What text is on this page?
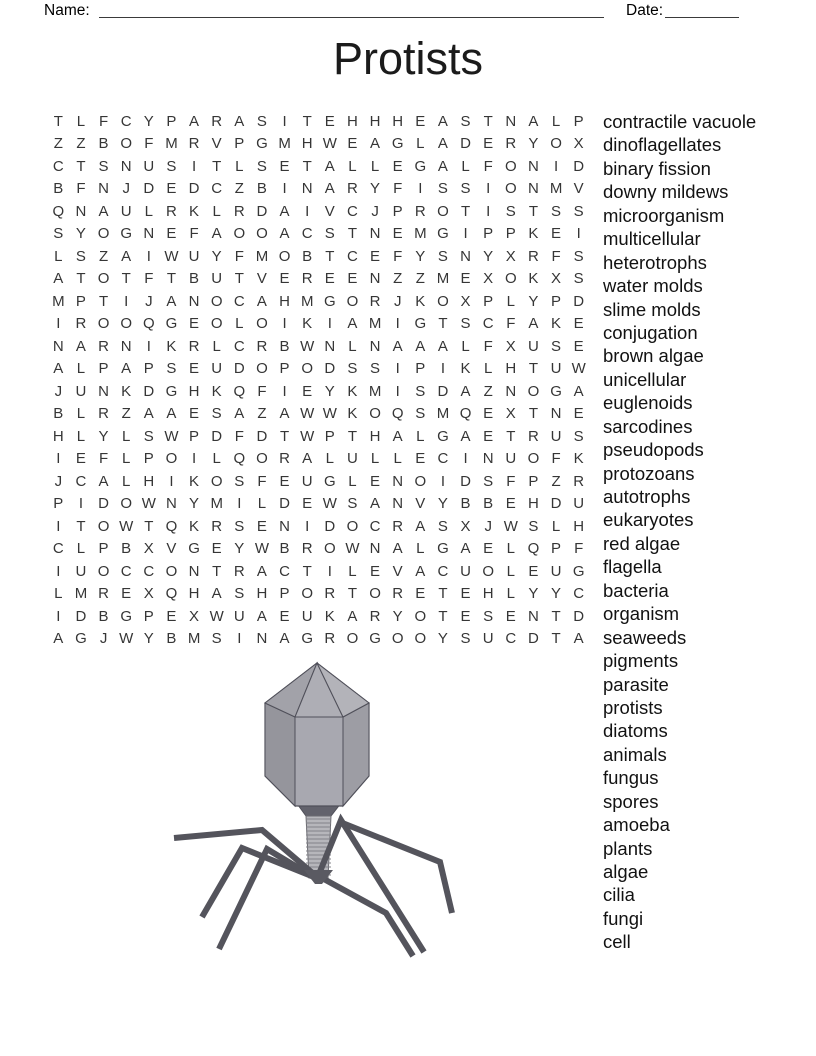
Name:	Date:
Protists
T L F C Y P A R A S	I	T E H H H E A S T N A L P
Z Z B O F M R V P G M H W E A G L A D E R Y O X
C T S N U S	I	T L S E T A L L E G A L F O N	I	D
B F N J D E D C Z B	I	N A R Y F	I	S S	I O N M V
Q N A U L R K L R D A	I	V C J P R O T	I	S T S S
S Y O G N E F A O O A C S T N E M G I	P P K E	I
L S Z A	I W U Y F M O B T C E F Y S N Y X R F S
A T O T F T B U T V E R E E N Z Z M E X O K X S
M P T	I	J A N O C A H M G O R J K O X P L Y P D
I	R O O Q G E O L O I	K	I	A M I G T S C F A K E
N A R N	I	K R L C R B W N L N A A A L F X U S E
A L P A P S E U D O P O D S S	I	P	I	K L H T U W
J U N K D G H K Q F	I	E Y K M I	S D A Z N O G A
B L R Z A A E S A Z A W W K O Q S M Q E X T N E
H L Y L S W P D F D T W P T H A L G A E T R U S
I	E F L P O I	L Q O R A L U L L E C	I	N U O F K
J C A L H	I	K O S F E U G L E N O I	D S F P Z R
P	I	D O W N Y M I	L D E W S A N V Y B B E H D U
I	T O W T Q K R S E N	I	D O C R A S X J W S L H
C L P B X V G E Y W B R O W N A L G A E L Q P F
I	U O C C O N T R A C T	I	L E V A C U O L E U G
L M R E X Q H A S H P O R T O R E T E H L Y Y C
I	D B G P E X W U A E U K A R Y O T E S E N T D
A G J W Y B M S	I	N A G R O G O O Y S U C D T A
contractile vacuole
dinoflagellates
binary fission
downy mildews
microorganism
multicellular
heterotrophs
water molds
slime molds
conjugation
brown algae
unicellular
euglenoids
sarcodines
pseudopods
protozoans
autotrophs
eukaryotes
red algae
flagella
bacteria
organism
seaweeds
pigments
parasite
protists
diatoms
animals
fungus
spores
amoeba
plants
algae
cilia
fungi
cell
